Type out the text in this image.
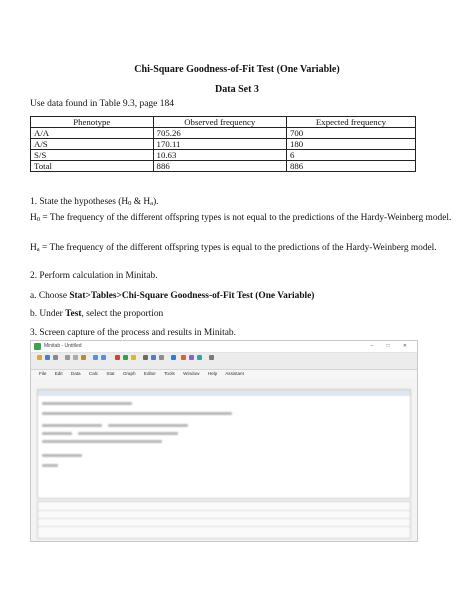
Chi-Square Goodness-of-Fit Test (One Variable)
Data Set 3
Use data found in Table 9.3, page 184
Phenotype	Observed frequency	Expected frequency
A/A	705.26	700
A/S	170.11	180
S/S	10.63	6
Total	886	886
1. State the hypotheses ($H_0$ & $H_a$).
$H_0$ = The frequency of the different offspring types is not equal to the predictions of the Hardy-Weinberg model.
$H_a$ = The frequency of the different offspring types is equal to the predictions of the Hardy-Weinberg model.
2. Perform calculation in Minitab.
a. Choose Stat>Tables>Chi-Square Goodness-of-Fit Test (One Variable)
b. Under Test, select the proportion
3. Screen capture of the process and results in Minitab.
Minitab - Untitled	– □ ✕
File Edit Data Calc Stat Graph Editor Tools Window Help Assistant
